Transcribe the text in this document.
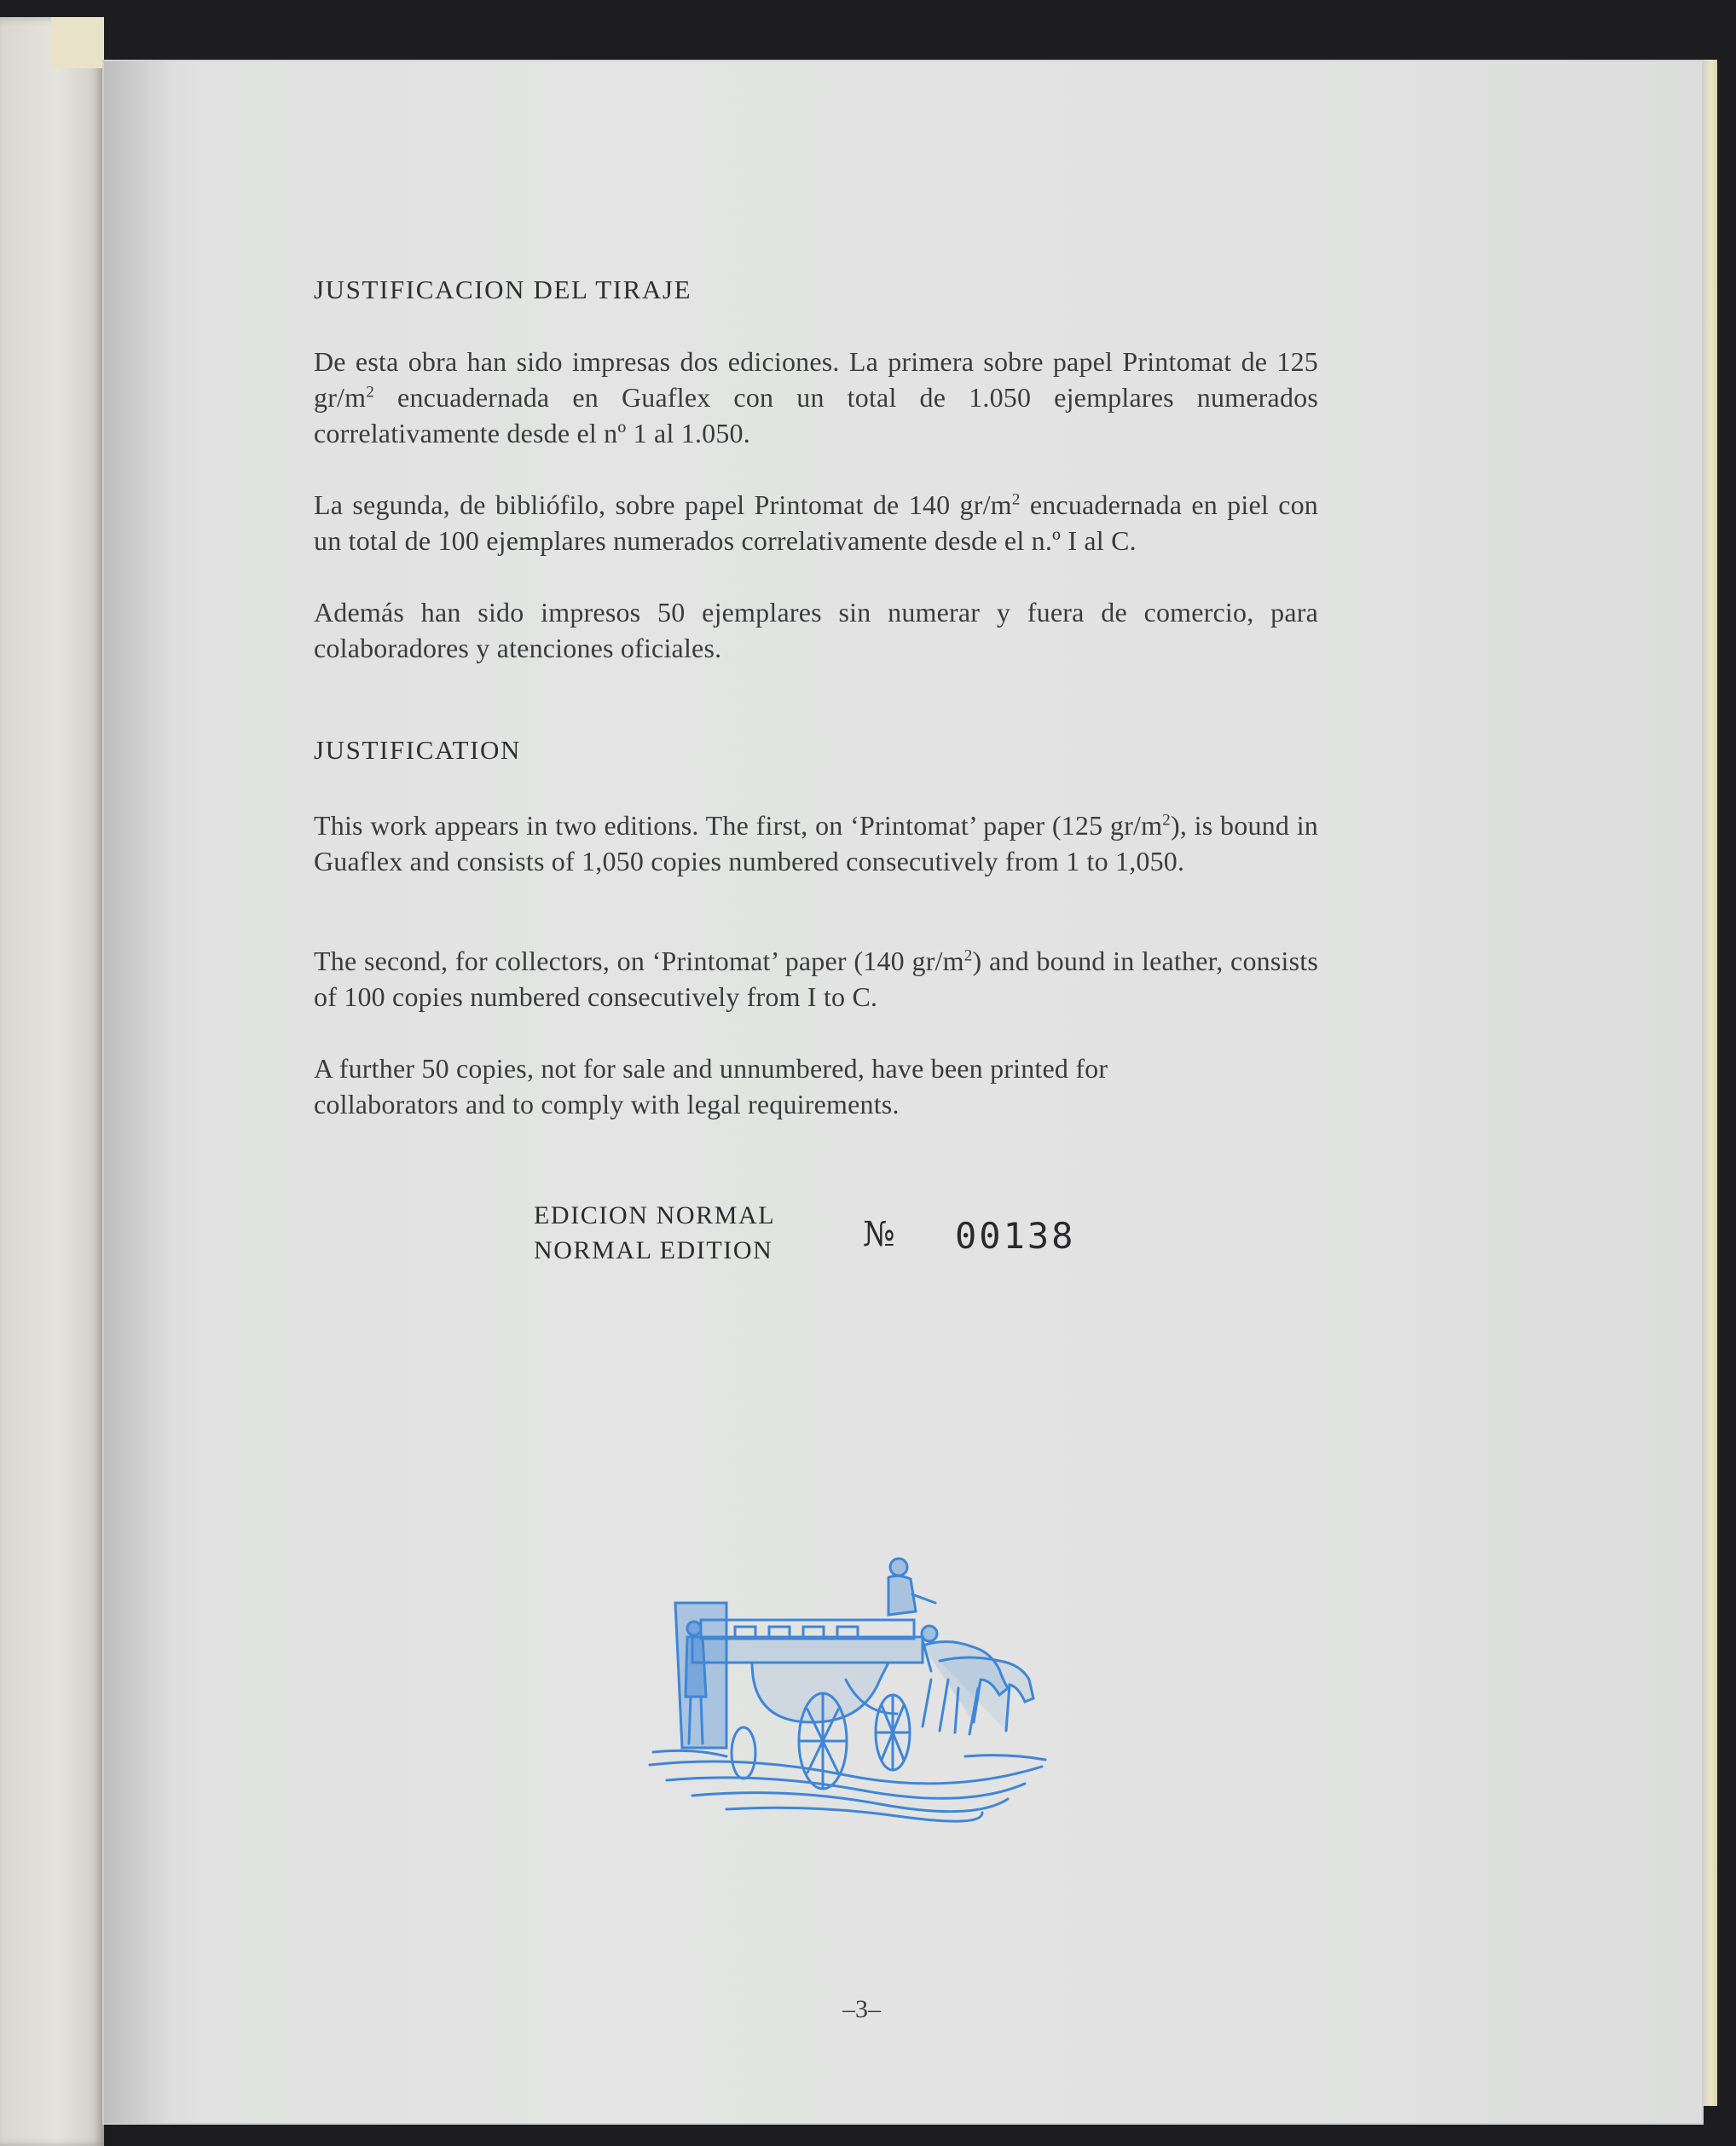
JUSTIFICACION DEL TIRAJE
De esta obra han sido impresas dos ediciones. La primera sobre papel Printomat de 125 $gr/m^2$ encuadernada en Guaflex con un total de 1.050 ejemplares numerados correlativamente desde el nº 1 al 1.050.
La segunda, de bibliófilo, sobre papel Printomat de 140 $gr/m^2$ encuadernada en piel con un total de 100 ejemplares numerados correlativamente desde el n.º I al C.
Además han sido impresos 50 ejemplares sin numerar y fuera de comercio, para colaboradores y atenciones oficiales.
JUSTIFICATION
This work appears in two editions. The first, on ‘Printomat’ paper (125 $gr/m^2$), is bound in Guaflex and consists of 1,050 copies numbered consecutively from 1 to 1,050.
The second, for collectors, on ‘Printomat’ paper (140 $gr/m^2$) and bound in leather, consists of 100 copies numbered consecutively from I to C.
A further 50 copies, not for sale and unnumbered, have been printed for
collaborators and to comply with legal requirements.
EDICION NORMAL
NORMAL EDITION	№ 00138
–3–
